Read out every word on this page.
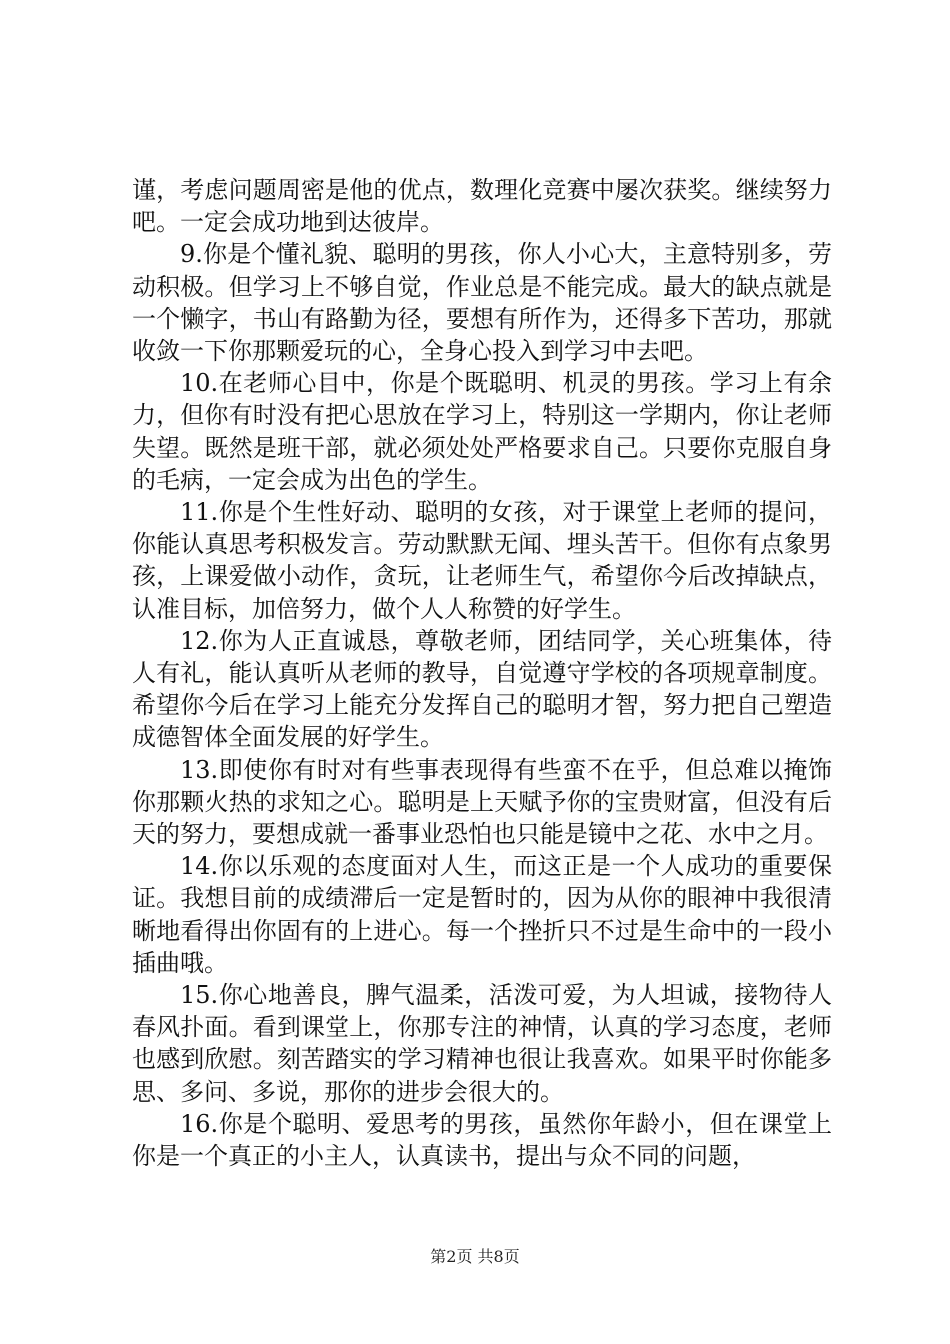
谨，考虑问题周密是他的优点，数理化竞赛中屡次获奖。继续努力吧。一定会成功地到达彼岸。

9.你是个懂礼貌、聪明的男孩，你人小心大，主意特别多，劳动积极。但学习上不够自觉，作业总是不能完成。最大的缺点就是一个懒字，书山有路勤为径，要想有所作为，还得多下苦功，那就收敛一下你那颗爱玩的心，全身心投入到学习中去吧。

10.在老师心目中，你是个既聪明、机灵的男孩。学习上有余力，但你有时没有把心思放在学习上，特别这一学期内，你让老师失望。既然是班干部，就必须处处严格要求自己。只要你克服自身的毛病，一定会成为出色的学生。

11.你是个生性好动、聪明的女孩，对于课堂上老师的提问，你能认真思考积极发言。劳动默默无闻、埋头苦干。但你有点象男孩，上课爱做小动作，贪玩，让老师生气，希望你今后改掉缺点，认准目标，加倍努力，做个人人称赞的好学生。

12.你为人正直诚恳，尊敬老师，团结同学，关心班集体，待人有礼，能认真听从老师的教导，自觉遵守学校的各项规章制度。希望你今后在学习上能充分发挥自己的聪明才智，努力把自己塑造成德智体全面发展的好学生。

13.即使你有时对有些事表现得有些蛮不在乎，但总难以掩饰你那颗火热的求知之心。聪明是上天赋予你的宝贵财富，但没有后天的努力，要想成就一番事业恐怕也只能是镜中之花、水中之月。

14.你以乐观的态度面对人生，而这正是一个人成功的重要保证。我想目前的成绩滞后一定是暂时的，因为从你的眼神中我很清晰地看得出你固有的上进心。每一个挫折只不过是生命中的一段小插曲哦。

15.你心地善良，脾气温柔，活泼可爱，为人坦诚，接物待人春风扑面。看到课堂上，你那专注的神情，认真的学习态度，老师也感到欣慰。刻苦踏实的学习精神也很让我喜欢。如果平时你能多思、多问、多说，那你的进步会很大的。

16.你是个聪明、爱思考的男孩，虽然你年龄小，但在课堂上你是一个真正的小主人，认真读书，提出与众不同的问题，

第2页 共8页
